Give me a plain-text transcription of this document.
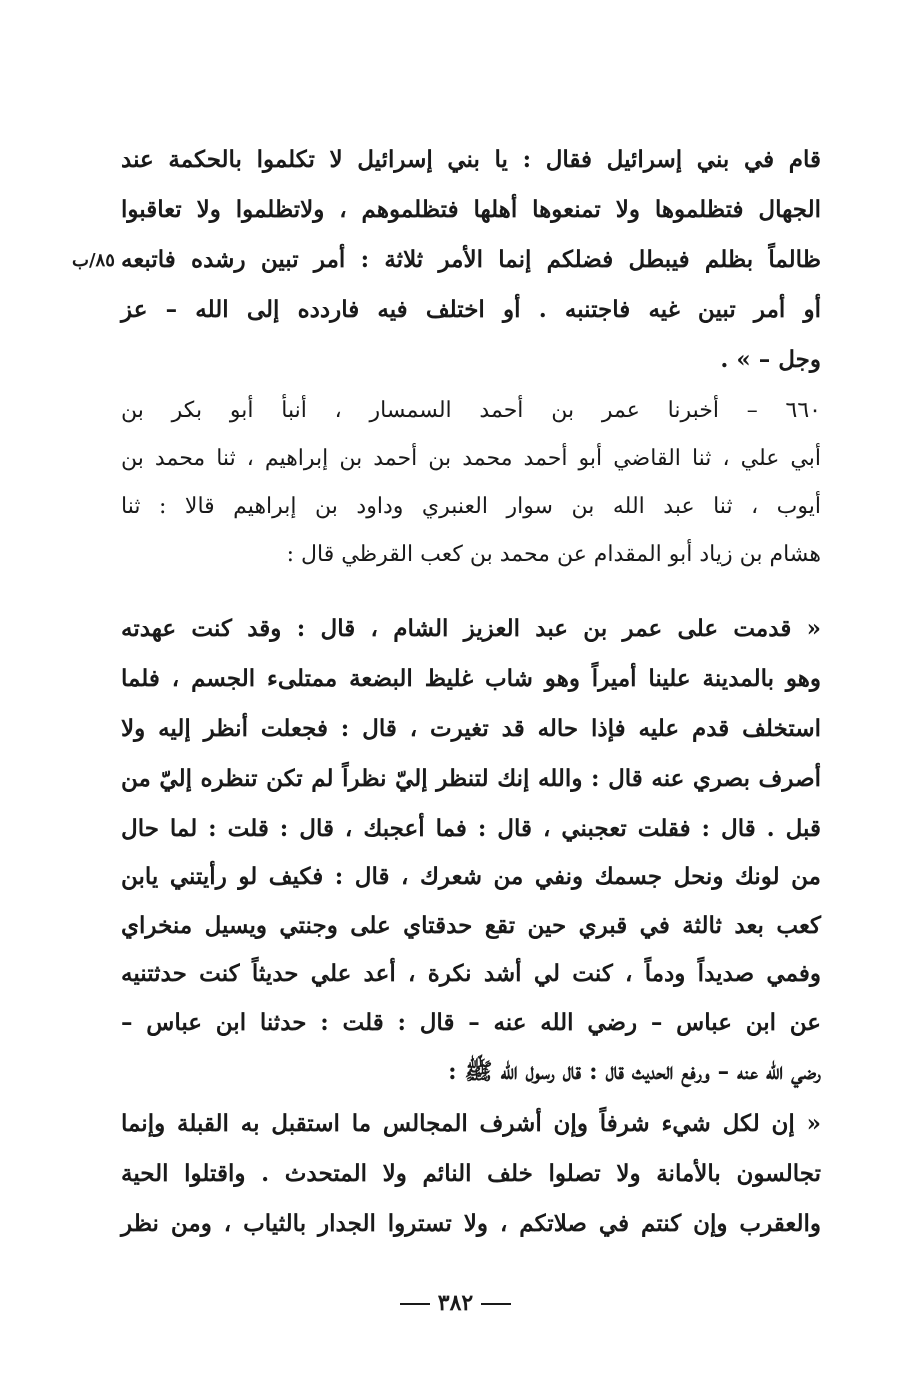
قام في بني إسرائيل فقال : يا بني إسرائيل لا تكلموا بالحكمة عند
الجهال فتظلموها ولا تمنعوها أهلها فتظلموهم ، ولاتظلموا ولا تعاقبوا
ظالماً بظلم فيبطل فضلكم إنما الأمر ثلاثة : أمر تبين رشده فاتبعه
أو أمر تبين غيه فاجتنبه . أو اختلف فيه فاردده إلى الله – عز
وجل – » .
٨٥/ب
٦٦٠ – أخبرنا عمر بن أحمد السمسار ، أنبأ أبو بكر بن
أبي علي ، ثنا القاضي أبو أحمد محمد بن أحمد بن إبراهيم ، ثنا محمد بن
أيوب ، ثنا عبد الله بن سوار العنبري وداود بن إبراهيم قالا : ثنا
هشام بن زياد أبو المقدام عن محمد بن كعب القرظي قال :
« قدمت على عمر بن عبد العزيز الشام ، قال : وقد كنت عهدته
وهو بالمدينة علينا أميراً وهو شاب غليظ البضعة ممتلىء الجسم ، فلما
استخلف قدم عليه فإذا حاله قد تغيرت ، قال : فجعلت أنظر إليه ولا
أصرف بصري عنه قال : والله إنك لتنظر إليّ نظراً لم تكن تنظره إليّ من
قبل . قال : فقلت تعجبني ، قال : فما أعجبك ، قال : قلت : لما حال
من لونك ونحل جسمك ونفي من شعرك ، قال : فكيف لو رأيتني يابن
كعب بعد ثالثة في قبري حين تقع حدقتاي على وجنتي ويسيل منخراي
وفمي صديداً ودماً ، كنت لي أشد نكرة ، أعد علي حديثاً كنت حدثتنيه
عن ابن عباس – رضي الله عنه – قال : قلت : حدثنا ابن عباس –
رضي الله عنه – ورفع الحديث قال : قال رسول الله ﷺ :
« إن لكل شيء شرفاً وإن أشرف المجالس ما استقبل به القبلة وإنما
تجالسون بالأمانة ولا تصلوا خلف النائم ولا المتحدث . واقتلوا الحية
والعقرب وإن كنتم في صلاتكم ، ولا تستروا الجدار بالثياب ، ومن نظر
٣٨٢
